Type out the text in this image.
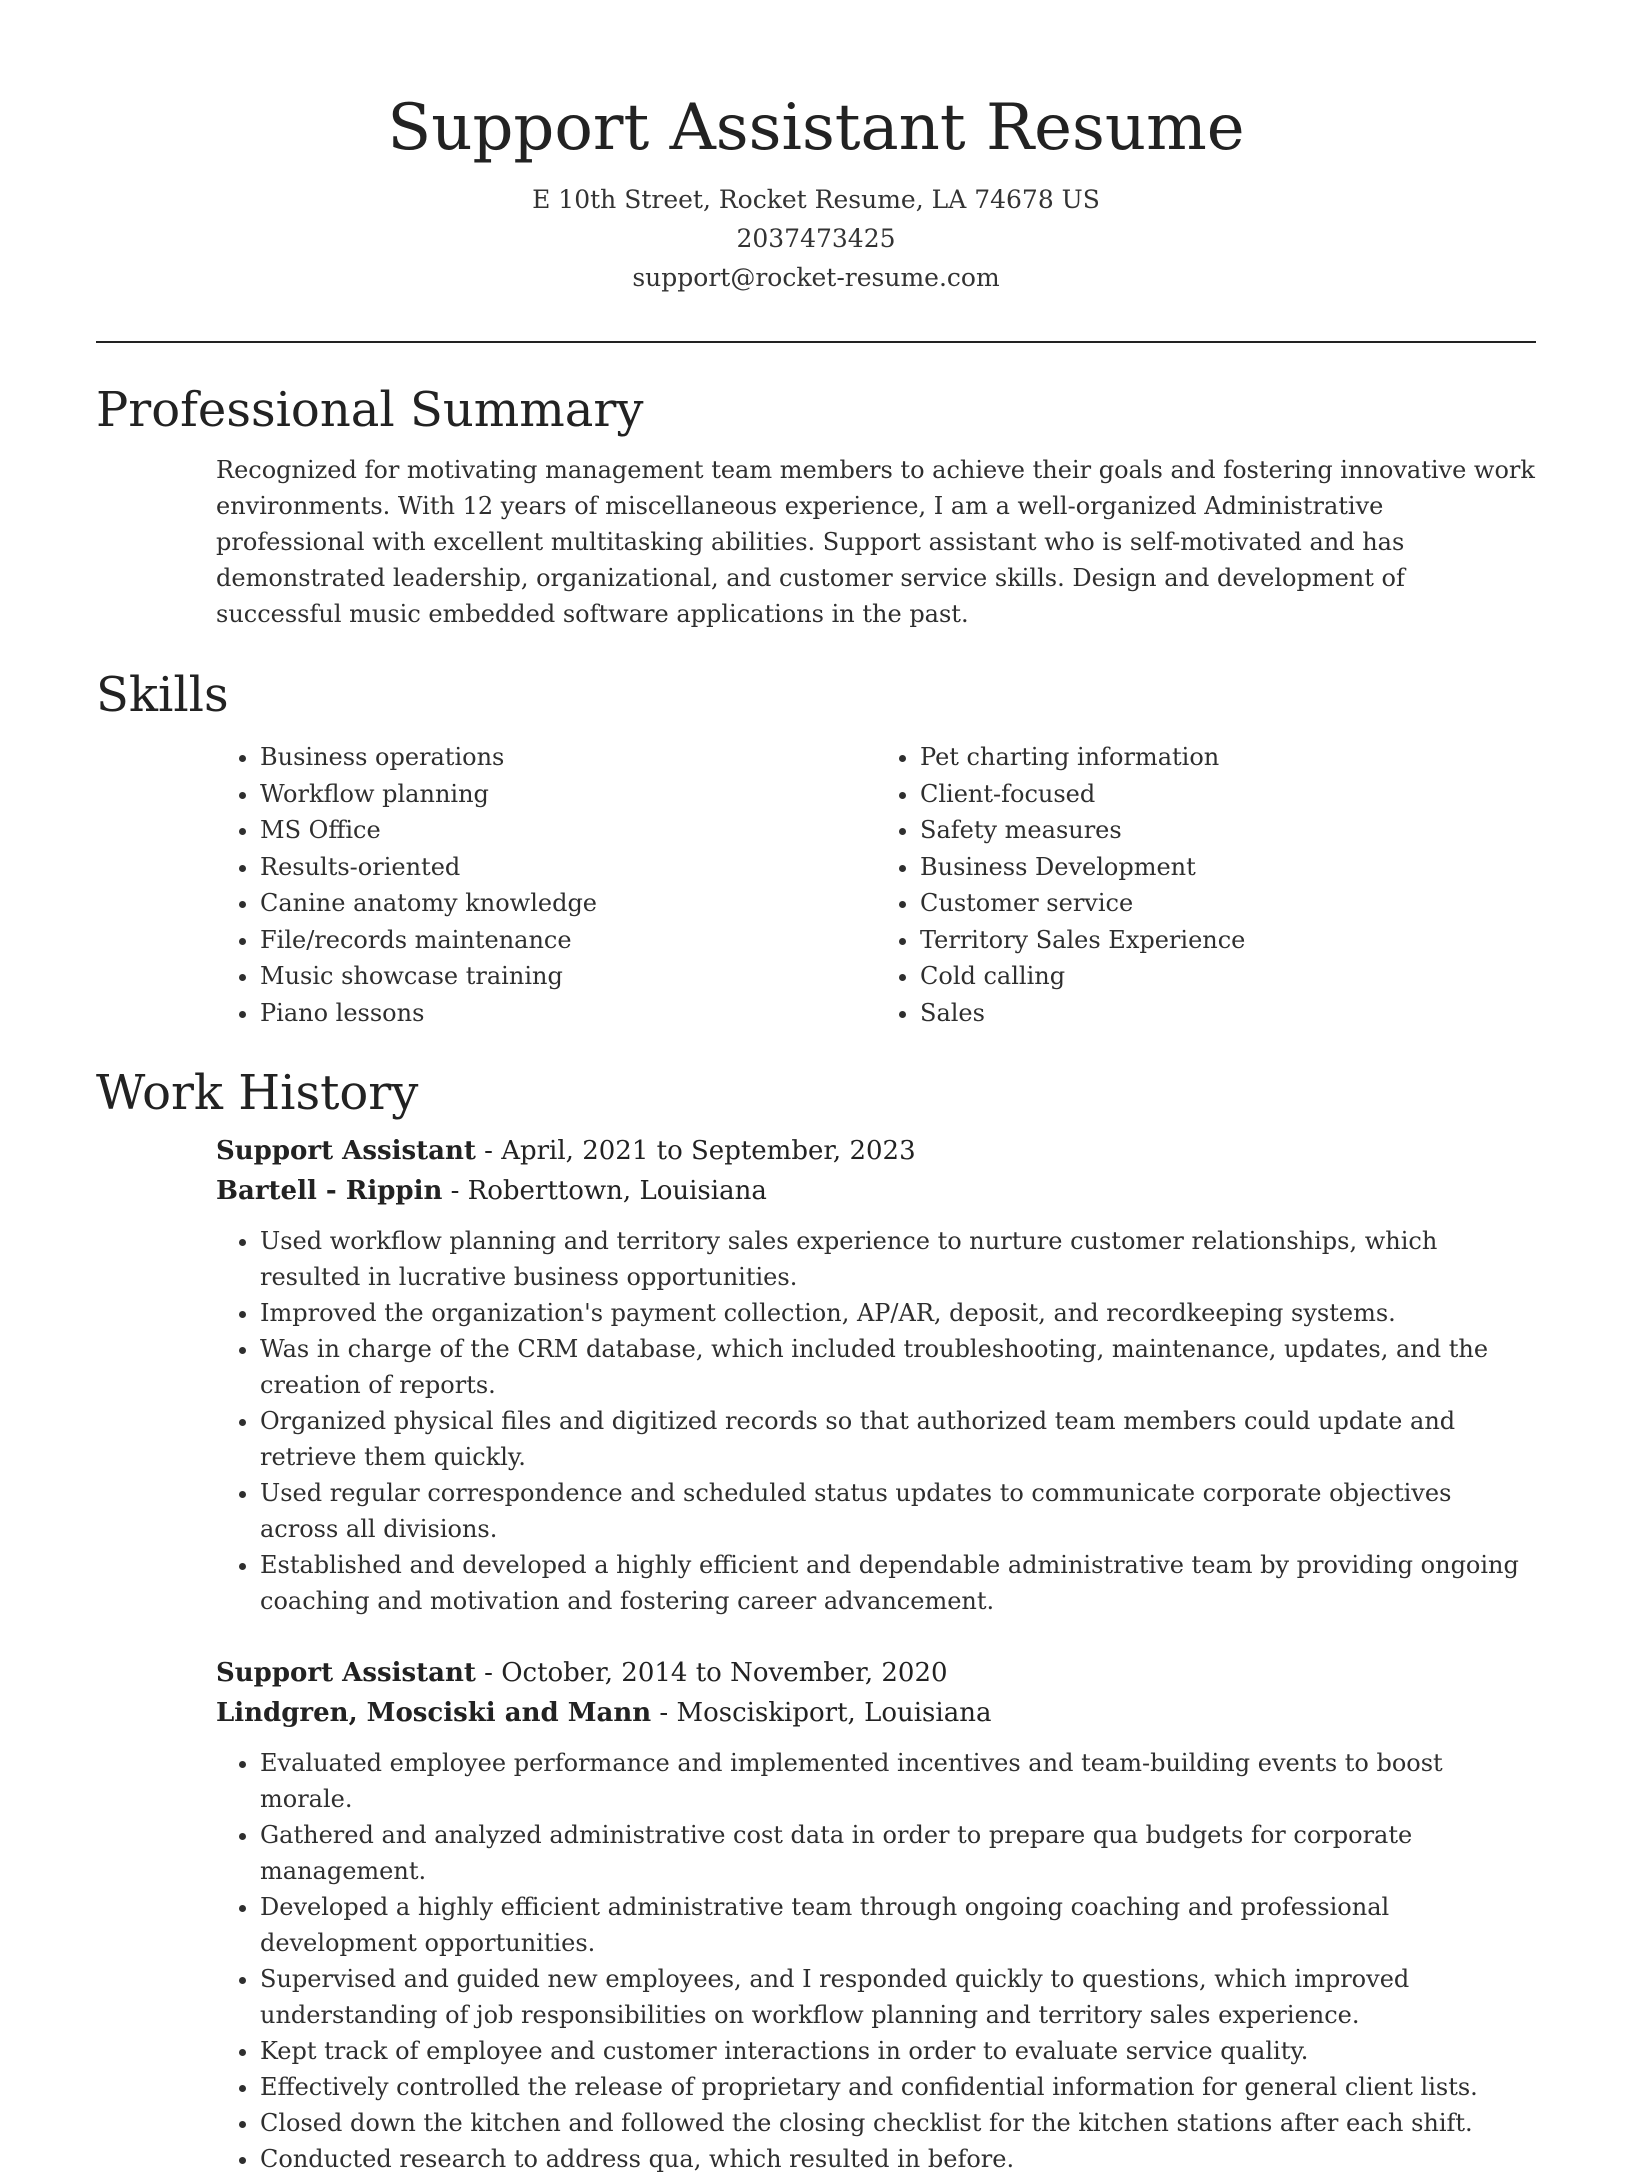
Support Assistant Resume

E 10th Street, Rocket Resume, LA 74678 US

2037473425

support@rocket-resume.com

Professional Summary

Recognized for motivating management team members to achieve their goals and fostering innovative work environments. With 12 years of miscellaneous experience, I am a well-organized Administrative professional with excellent multitasking abilities. Support assistant who is self-motivated and has demonstrated leadership, organizational, and customer service skills. Design and development of successful music embedded software applications in the past.

Skills
• Business operations
• Workflow planning
• MS Office
• Results-oriented
• Canine anatomy knowledge
• File/records maintenance
• Music showcase training
• Piano lessons
• Pet charting information
• Client-focused
• Safety measures
• Business Development
• Customer service
• Territory Sales Experience
• Cold calling
• Sales
Work History

Support Assistant - April, 2021 to September, 2023

Bartell - Rippin - Roberttown, Louisiana

• Used workflow planning and territory sales experience to nurture customer relationships, which resulted in lucrative business opportunities.
• Improved the organization's payment collection, AP/AR, deposit, and recordkeeping systems.
• Was in charge of the CRM database, which included troubleshooting, maintenance, updates, and the creation of reports.
• Organized physical files and digitized records so that authorized team members could update and retrieve them quickly.
• Used regular correspondence and scheduled status updates to communicate corporate objectives across all divisions.
• Established and developed a highly efficient and dependable administrative team by providing ongoing coaching and motivation and fostering career advancement.

Support Assistant - October, 2014 to November, 2020

Lindgren, Mosciski and Mann - Mosciskiport, Louisiana

• Evaluated employee performance and implemented incentives and team-building events to boost morale.
• Gathered and analyzed administrative cost data in order to prepare qua budgets for corporate management.
• Developed a highly efficient administrative team through ongoing coaching and professional development opportunities.
• Supervised and guided new employees, and I responded quickly to questions, which improved understanding of job responsibilities on workflow planning and territory sales experience.
• Kept track of employee and customer interactions in order to evaluate service quality.
• Effectively controlled the release of proprietary and confidential information for general client lists.
• Closed down the kitchen and followed the closing checklist for the kitchen stations after each shift.
• Conducted research to address qua, which resulted in before.
